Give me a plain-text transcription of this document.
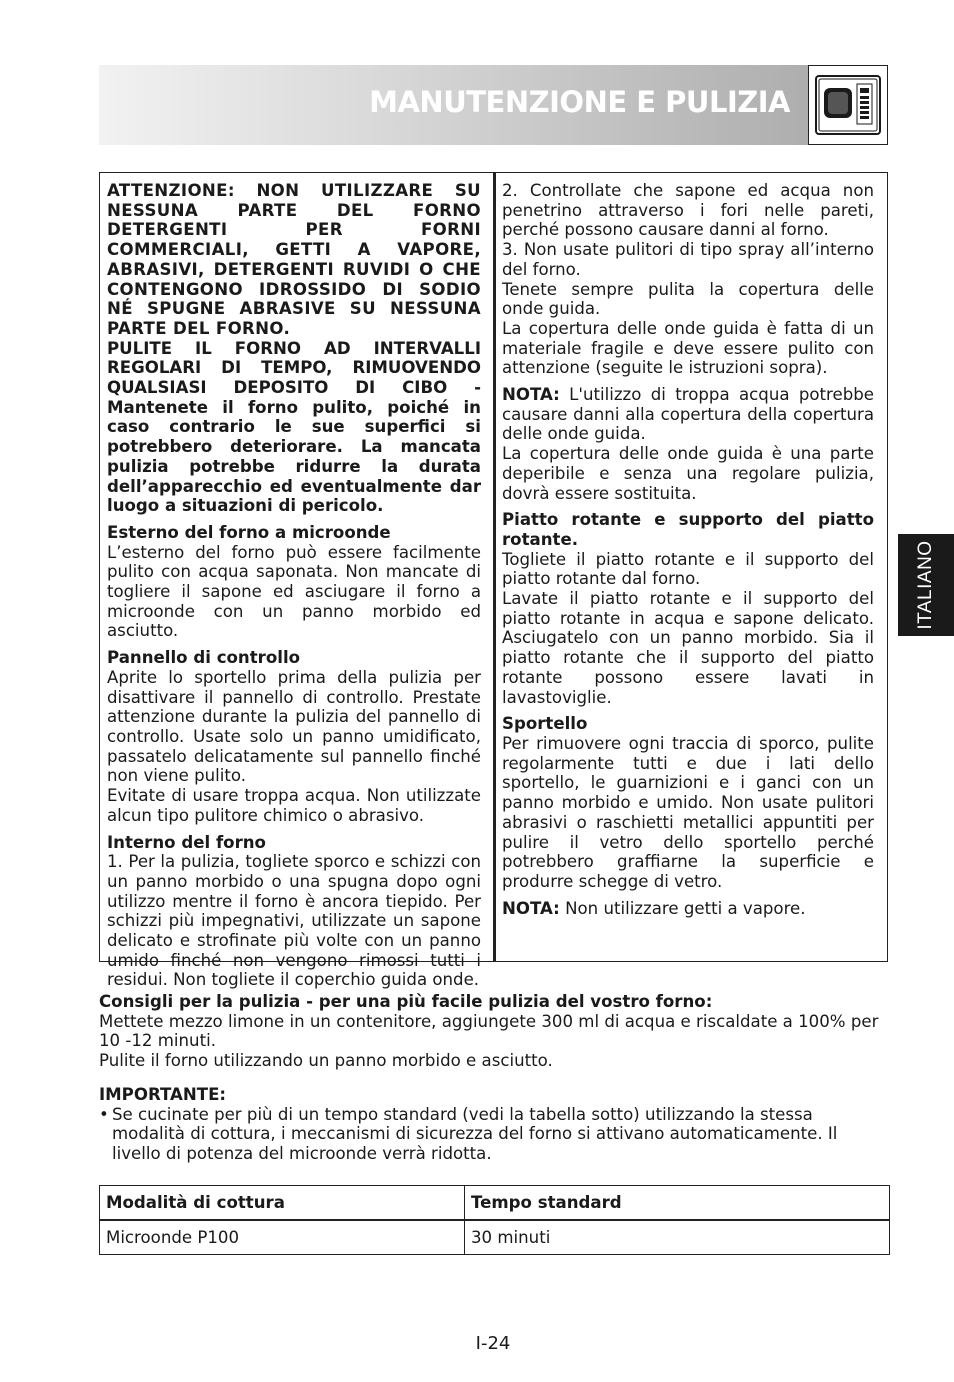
MANUTENZIONE E PULIZIA
ITALIANO

ATTENZIONE: NON UTILIZZARE SU NESSUNA PARTE DEL FORNO DETERGENTI PER FORNI COMMERCIALI, GETTI A VAPORE, ABRASIVI, DETERGENTI RUVIDI O CHE CONTENGONO IDROSSIDO DI SODIO NÉ SPUGNE ABRASIVE SU NESSUNA PARTE DEL FORNO.

PULITE IL FORNO AD INTERVALLI REGOLARI DI TEMPO, RIMUOVENDO QUALSIASI DEPOSITO DI CIBO - Mantenete il forno pulito, poiché in caso contrario le sue superfici si potrebbero deteriorare. La mancata pulizia potrebbe ridurre la durata dell’apparecchio ed eventualmente dar luogo a situazioni di pericolo.

Esterno del forno a microonde

L’esterno del forno può essere facilmente pulito con acqua saponata. Non mancate di togliere il sapone ed asciugare il forno a microonde con un panno morbido ed asciutto.

Pannello di controllo

Aprite lo sportello prima della pulizia per disattivare il pannello di controllo. Prestate attenzione durante la pulizia del pannello di controllo. Usate solo un panno umidificato, passatelo delicatamente sul pannello finché non viene pulito.

Evitate di usare troppa acqua. Non utilizzate alcun tipo pulitore chimico o abrasivo.

Interno del forno

1. Per la pulizia, togliete sporco e schizzi con un panno morbido o una spugna dopo ogni utilizzo mentre il forno è ancora tiepido. Per schizzi più impegnativi, utilizzate un sapone delicato e strofinate più volte con un panno umido finché non vengono rimossi tutti i residui. Non togliete il coperchio guida onde.

2. Controllate che sapone ed acqua non penetrino attraverso i fori nelle pareti, perché possono causare danni al forno.

3. Non usate pulitori di tipo spray all’interno del forno.

Tenete sempre pulita la copertura delle onde guida.

La copertura delle onde guida è fatta di un materiale fragile e deve essere pulito con attenzione (seguite le istruzioni sopra).

NOTA: L'utilizzo di troppa acqua potrebbe causare danni alla copertura della copertura delle onde guida.

La copertura delle onde guida è una parte deperibile e senza una regolare pulizia, dovrà essere sostituita.

Piatto rotante e supporto del piatto rotante.

Togliete il piatto rotante e il supporto del piatto rotante dal forno.

Lavate il piatto rotante e il supporto del piatto rotante in acqua e sapone delicato. Asciugatelo con un panno morbido. Sia il piatto rotante che il supporto del piatto rotante possono essere lavati in lavastoviglie.

Sportello

Per rimuovere ogni traccia di sporco, pulite regolarmente tutti e due i lati dello sportello, le guarnizioni e i ganci con un panno morbido e umido. Non usate pulitori abrasivi o raschietti metallici appuntiti per pulire il vetro dello sportello perché potrebbero graffiarne la superficie e produrre schegge di vetro.

NOTA: Non utilizzare getti a vapore.

Consigli per la pulizia - per una più facile pulizia del vostro forno:

Mettete mezzo limone in un contenitore, aggiungete 300 ml di acqua e riscaldate a 100% per 10 -12 minuti.

Pulite il forno utilizzando un panno morbido e asciutto.

IMPORTANTE:

• Se cucinate per più di un tempo standard (vedi la tabella sotto) utilizzando la stessa modalità di cottura, i meccanismi di sicurezza del forno si attivano automaticamente. Il livello di potenza del microonde verrà ridotta.
Modalità di cottura	Tempo standard
Microonde P100	30 minuti
I-24
